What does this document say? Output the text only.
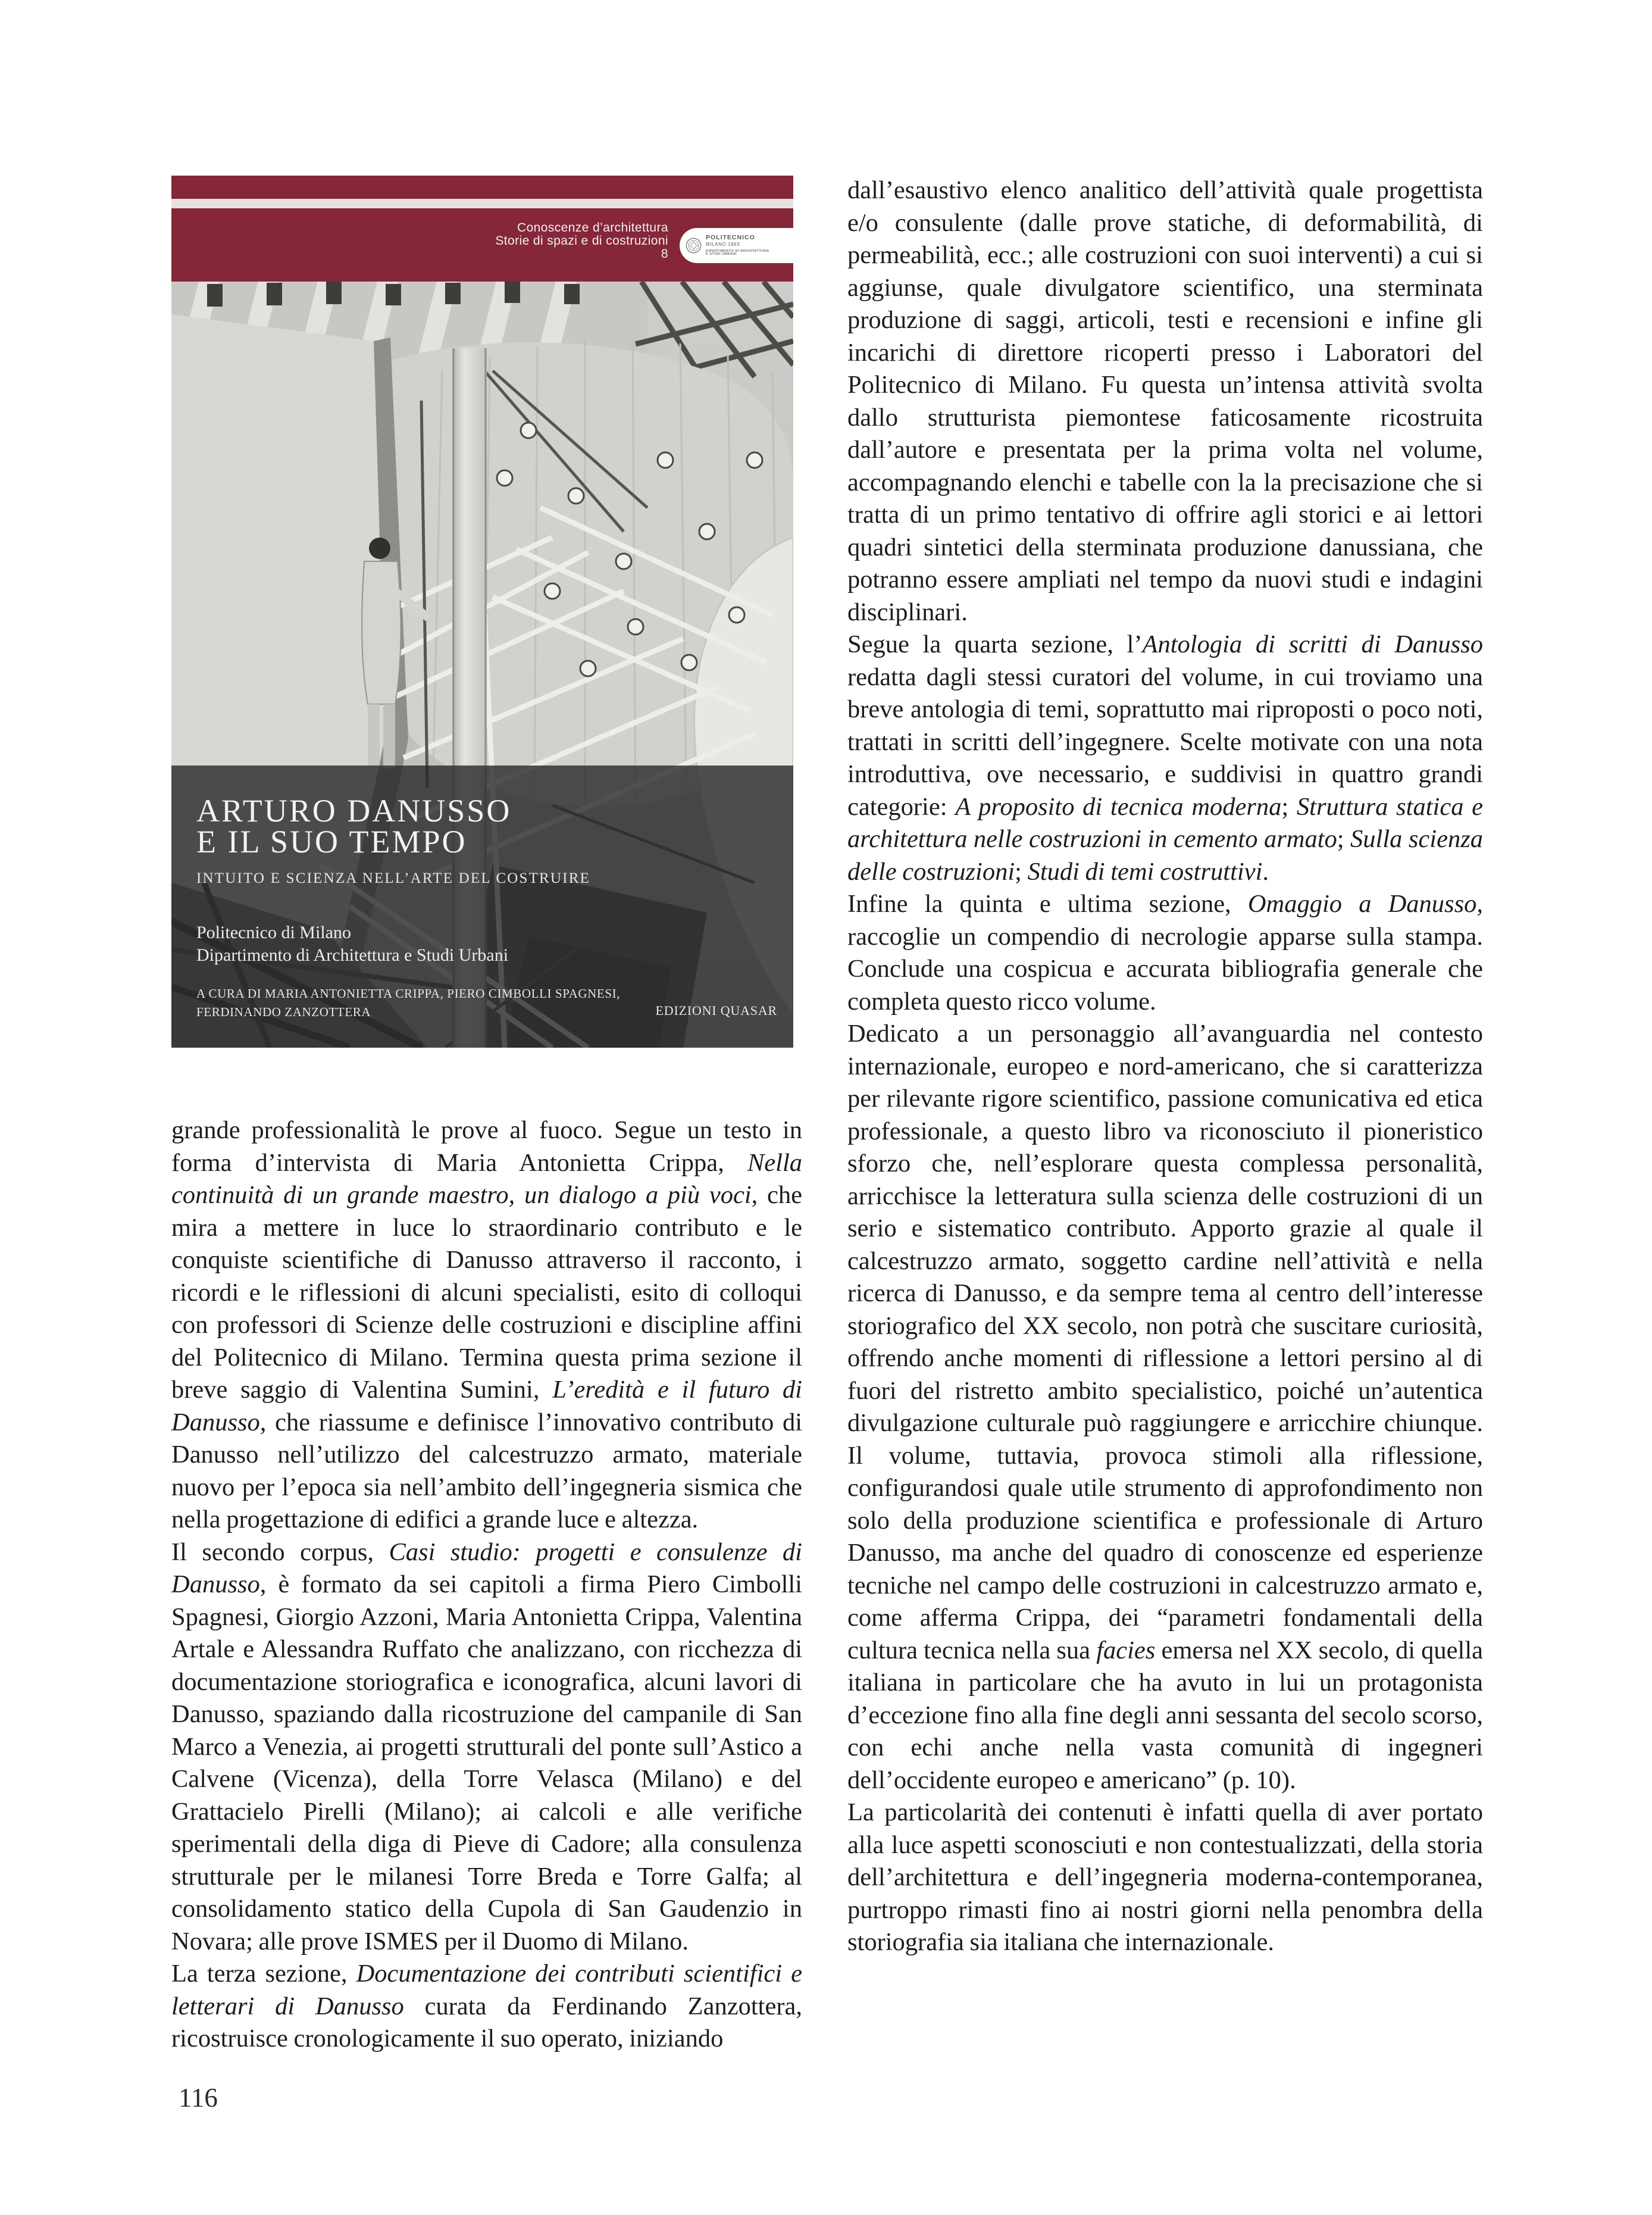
Conoscenze d’architettura
Storie di spazi e di costruzioni
8
POLITECNICO
MILANO 1863
DIPARTIMENTO DI ARCHITETTURA
E STUDI URBANI
ARTURO DANUSSO
E IL SUO TEMPO
INTUITO E SCIENZA NELL’ARTE DEL COSTRUIRE
Politecnico di Milano
Dipartimento di Architettura e Studi Urbani
A CURA DI MARIA ANTONIETTA CRIPPA, PIERO CIMBOLLI SPAGNESI,
FERDINANDO ZANZOTTERA	EDIZIONI QUASAR

grande professionalità le prove al fuoco. Segue un testo in forma d’intervista di Maria Antonietta Crippa, Nella continuità di un grande maestro, un dialogo a più voci, che mira a mettere in luce lo straordinario contributo e le conquiste scientifiche di Danusso attraverso il racconto, i ricordi e le riflessioni di alcuni specialisti, esito di colloqui con professori di Scienze delle costruzioni e discipline affini del Politecnico di Milano. Termina questa prima sezione il breve saggio di Valentina Sumini, L’eredità e il futuro di Danusso, che riassume e definisce l’innovativo contributo di Danusso nell’utilizzo del calcestruzzo armato, materiale nuovo per l’epoca sia nell’ambito dell’ingegneria sismica che nella progettazione di edifici a grande luce e altezza.

Il secondo corpus, Casi studio: progetti e consulenze di Danusso, è formato da sei capitoli a firma Piero Cimbolli Spagnesi, Giorgio Azzoni, Maria Antonietta Crippa, Valentina Artale e Alessandra Ruffato che analizzano, con ricchezza di documentazione storiografica e iconografica, alcuni lavori di Danusso, spaziando dalla ricostruzione del campanile di San Marco a Venezia, ai progetti strutturali del ponte sull’Astico a Calvene (Vicenza), della Torre Velasca (Milano) e del Grattacielo Pirelli (Milano); ai calcoli e alle verifiche sperimentali della diga di Pieve di Cadore; alla consulenza strutturale per le milanesi Torre Breda e Torre Galfa; al consolidamento statico della Cupola di San Gaudenzio in Novara; alle prove ISMES per il Duomo di Milano.

La terza sezione, Documentazione dei contributi scientifici e letterari di Danusso curata da Ferdinando Zanzottera, ricostruisce cronologicamente il suo operato, iniziando

dall’esaustivo elenco analitico dell’attività quale progettista e/o consulente (dalle prove statiche, di deformabilità, di permeabilità, ecc.; alle costruzioni con suoi interventi) a cui si aggiunse, quale divulgatore scientifico, una sterminata produzione di saggi, articoli, testi e recensioni e infine gli incarichi di direttore ricoperti presso i Laboratori del Politecnico di Milano. Fu questa un’intensa attività svolta dallo strutturista piemontese faticosamente ricostruita dall’autore e presentata per la prima volta nel volume, accompagnando elenchi e tabelle con la la precisazione che si tratta di un primo tentativo di offrire agli storici e ai lettori quadri sintetici della sterminata produzione danussiana, che potranno essere ampliati nel tempo da nuovi studi e indagini disciplinari.

Segue la quarta sezione, l’Antologia di scritti di Danusso redatta dagli stessi curatori del volume, in cui troviamo una breve antologia di temi, soprattutto mai riproposti o poco noti, trattati in scritti dell’ingegnere. Scelte motivate con una nota introduttiva, ove necessario, e suddivisi in quattro grandi categorie: A proposito di tecnica moderna; Struttura statica e architettura nelle costruzioni in cemento armato; Sulla scienza delle costruzioni; Studi di temi costruttivi.

Infine la quinta e ultima sezione, Omaggio a Danusso, raccoglie un compendio di necrologie apparse sulla stampa. Conclude una cospicua e accurata bibliografia generale che completa questo ricco volume.

Dedicato a un personaggio all’avanguardia nel contesto internazionale, europeo e nord-americano, che si caratterizza per rilevante rigore scientifico, passione comunicativa ed etica professionale, a questo libro va riconosciuto il pioneristico sforzo che, nell’esplorare questa complessa personalità, arricchisce la letteratura sulla scienza delle costruzioni di un serio e sistematico contributo. Apporto grazie al quale il calcestruzzo armato, soggetto cardine nell’attività e nella ricerca di Danusso, e da sempre tema al centro dell’interesse storiografico del XX secolo, non potrà che suscitare curiosità, offrendo anche momenti di riflessione a lettori persino al di fuori del ristretto ambito specialistico, poiché un’autentica divulgazione culturale può raggiungere e arricchire chiunque. Il volume, tuttavia, provoca stimoli alla riflessione, configurandosi quale utile strumento di approfondimento non solo della produzione scientifica e professionale di Arturo Danusso, ma anche del quadro di conoscenze ed esperienze tecniche nel campo delle costruzioni in calcestruzzo armato e, come afferma Crippa, dei “parametri fondamentali della cultura tecnica nella sua facies emersa nel XX secolo, di quella italiana in particolare che ha avuto in lui un protagonista d’eccezione fino alla fine degli anni sessanta del secolo scorso, con echi anche nella vasta comunità di ingegneri dell’occidente europeo e americano” (p. 10).

La particolarità dei contenuti è infatti quella di aver portato alla luce aspetti sconosciuti e non contestualizzati, della storia dell’architettura e dell’ingegneria moderna-contemporanea, purtroppo rimasti fino ai nostri giorni nella penombra della storiografia sia italiana che internazionale.

116
